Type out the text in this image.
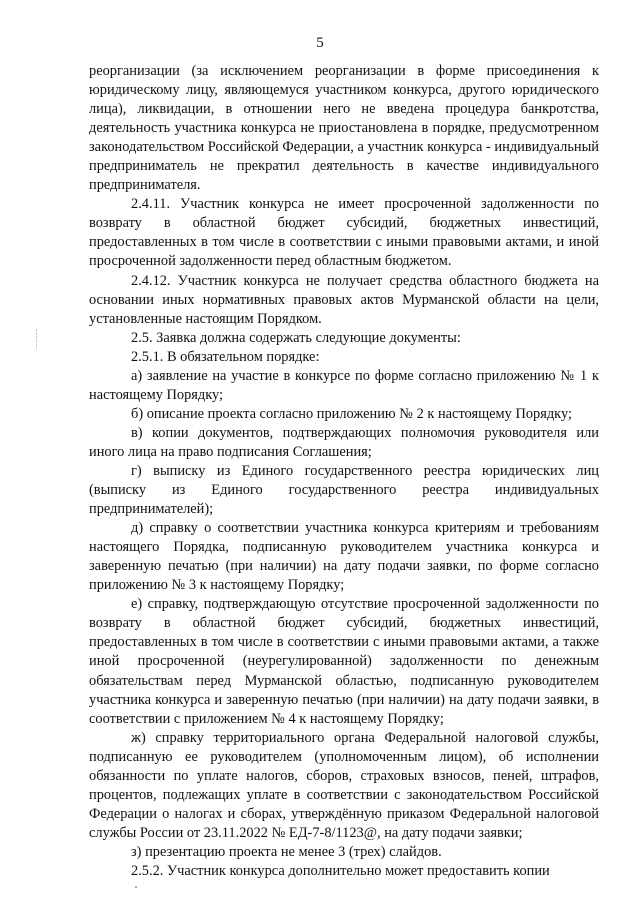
5

реорганизации (за исключением реорганизации в форме присоединения к юридическому лицу, являющемуся участником конкурса, другого юридического лица), ликвидации, в отношении него не введена процедура банкротства, деятельность участника конкурса не приостановлена в порядке, предусмотренном законодательством Российской Федерации, а участник конкурса - индивидуальный предприниматель не прекратил деятельность в качестве индивидуального предпринимателя.

2.4.11. Участник конкурса не имеет просроченной задолженности по возврату в областной бюджет субсидий, бюджетных инвестиций, предоставленных в том числе в соответствии с иными правовыми актами, и иной просроченной задолженности перед областным бюджетом.

2.4.12. Участник конкурса не получает средства областного бюджета на основании иных нормативных правовых актов Мурманской области на цели, установленные настоящим Порядком.

2.5. Заявка должна содержать следующие документы:

2.5.1. В обязательном порядке:

а) заявление на участие в конкурсе по форме согласно приложению № 1 к настоящему Порядку;

б) описание проекта согласно приложению № 2 к настоящему Порядку;

в) копии документов, подтверждающих полномочия руководителя или иного лица на право подписания Соглашения;

г) выписку из Единого государственного реестра юридических лиц (выписку из Единого государственного реестра индивидуальных предпринимателей);

д) справку о соответствии участника конкурса критериям и требованиям настоящего Порядка, подписанную руководителем участника конкурса и заверенную печатью (при наличии) на дату подачи заявки, по форме согласно приложению № 3 к настоящему Порядку;

е) справку, подтверждающую отсутствие просроченной задолженности по возврату в областной бюджет субсидий, бюджетных инвестиций, предоставленных в том числе в соответствии с иными правовыми актами, а также иной просроченной (неурегулированной) задолженности по денежным обязательствам перед Мурманской областью, подписанную руководителем участника конкурса и заверенную печатью (при наличии) на дату подачи заявки, в соответствии с приложением № 4 к настоящему Порядку;

ж) справку территориального органа Федеральной налоговой службы, подписанную ее руководителем (уполномоченным лицом), об исполнении обязанности по уплате налогов, сборов, страховых взносов, пеней, штрафов, процентов, подлежащих уплате в соответствии с законодательством Российской Федерации о налогах и сборах, утверждённую приказом Федеральной налоговой службы России от 23.11.2022 № ЕД-7-8/1123@, на дату подачи заявки;

з) презентацию проекта не менее 3 (трех) слайдов.

2.5.2. Участник конкурса дополнительно может предоставить копии
